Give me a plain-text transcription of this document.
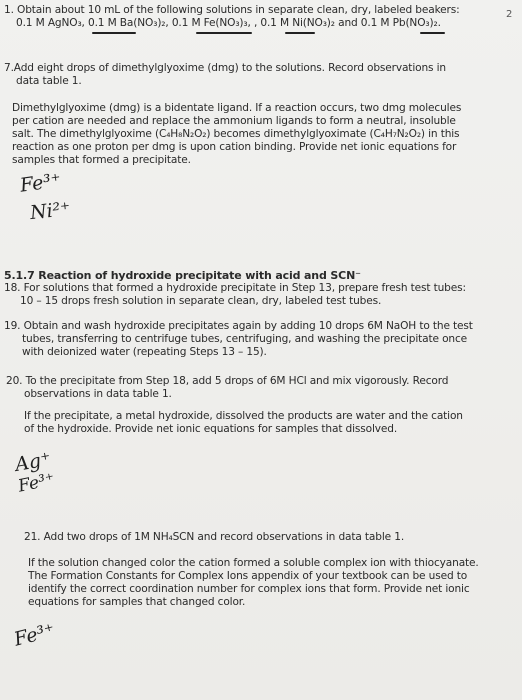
1. Obtain about 10 mL of the following solutions in separate clean, dry, labeled beakers:

0.1 M AgNO₃, 0.1 M Ba(NO₃)₂, 0.1 M Fe(NO₃)₃, , 0.1 M Ni(NO₃)₂ and 0.1 M Pb(NO₃)₂.

2

7.Add eight drops of dimethylglyoxime (dmg) to the solutions. Record observations in

data table 1.

Dimethylglyoxime (dmg) is a bidentate ligand. If a reaction occurs, two dmg molecules

per cation are needed and replace the ammonium ligands to form a neutral, insoluble

salt. The dimethylglyoxime (C₄H₈N₂O₂) becomes dimethylglyoximate (C₄H₇N₂O₂) in this

reaction as one proton per dmg is upon cation binding. Provide net ionic equations for

samples that formed a precipitate.

Fe³⁺
Ni²⁺
5.1.7 Reaction of hydroxide precipitate with acid and SCN⁻

18. For solutions that formed a hydroxide precipitate in Step 13, prepare fresh test tubes:

10 – 15 drops fresh solution in separate clean, dry, labeled test tubes.

19. Obtain and wash hydroxide precipitates again by adding 10 drops 6M NaOH to the test

tubes, transferring to centrifuge tubes, centrifuging, and washing the precipitate once

with deionized water (repeating Steps 13 – 15).

20. To the precipitate from Step 18, add 5 drops of 6M HCl and mix vigorously. Record

observations in data table 1.

If the precipitate, a metal hydroxide, dissolved the products are water and the cation

of the hydroxide. Provide net ionic equations for samples that dissolved.

Ag⁺
Fe³⁺
21. Add two drops of 1M NH₄SCN and record observations in data table 1.

If the solution changed color the cation formed a soluble complex ion with thiocyanate.

The Formation Constants for Complex Ions appendix of your textbook can be used to

identify the correct coordination number for complex ions that form. Provide net ionic

equations for samples that changed color.

Fe³⁺
